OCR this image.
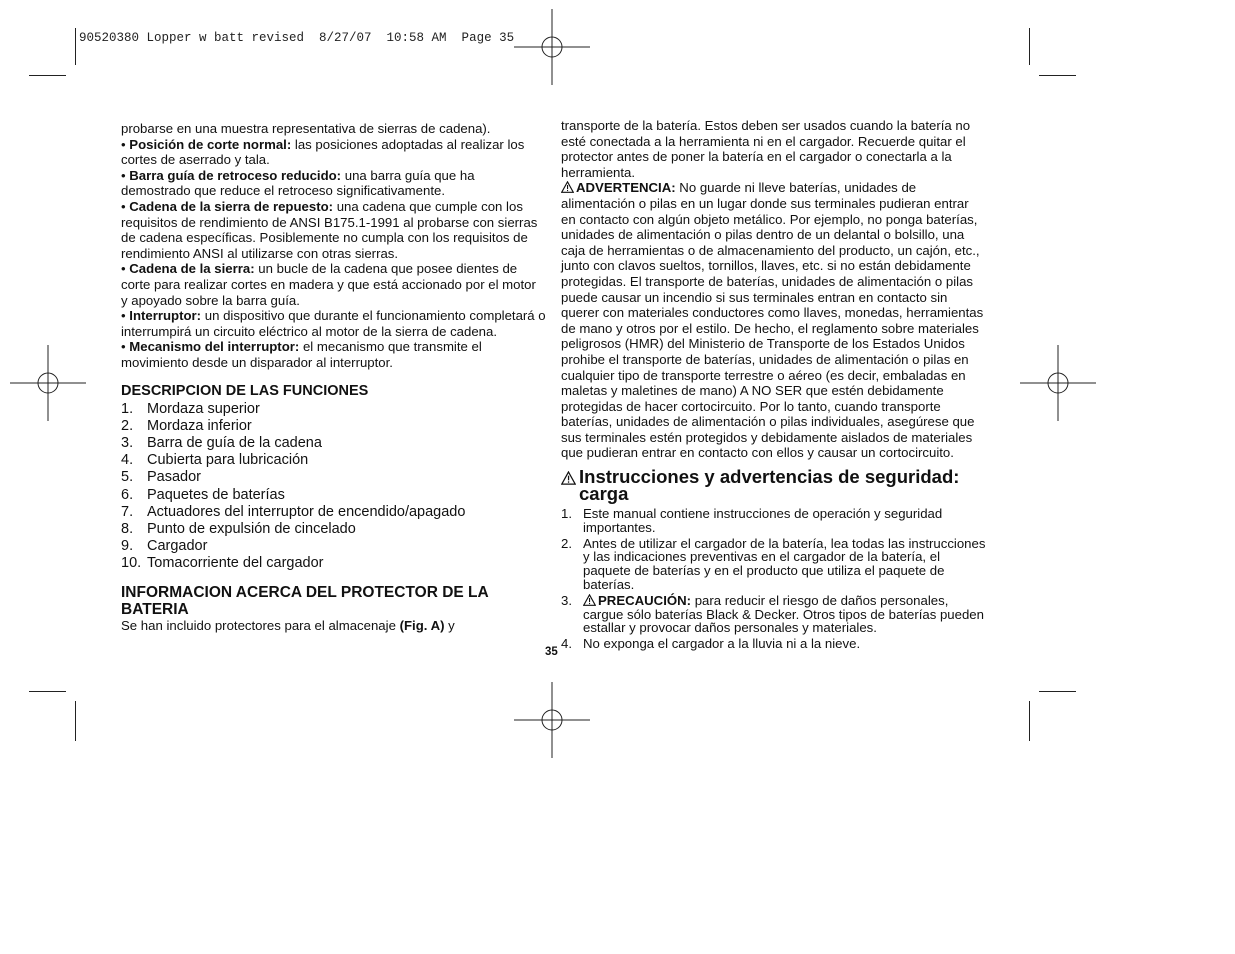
90520380 Lopper w batt revised  8/27/07  10:58 AM  Page 35

probarse en una muestra representativa de sierras de cadena).

• Posición de corte normal: las posiciones adoptadas al realizar los cortes de aserrado y tala.

• Barra guía de retroceso reducido: una barra guía que ha demostrado que reduce el retroceso significativamente.

• Cadena de la sierra de repuesto: una cadena que cumple con los requisitos de rendimiento de ANSI B175.1-1991 al probarse con sierras de cadena específicas. Posiblemente no cumpla con los requisitos de rendimiento ANSI al utilizarse con otras sierras.

• Cadena de la sierra: un bucle de la cadena que posee dientes de corte para realizar cortes en madera y que está accionado por el motor y apoyado sobre la barra guía.

• Interruptor: un dispositivo que durante el funcionamiento completará o interrumpirá un circuito eléctrico al motor de la sierra de cadena.

• Mecanismo del interruptor: el mecanismo que transmite el movimiento desde un disparador al interruptor.

DESCRIPCION DE LAS FUNCIONES
1. Mordaza superior
2. Mordaza inferior
3. Barra de guía de la cadena
4. Cubierta para lubricación
5. Pasador
6. Paquetes de baterías
7. Actuadores del interruptor de encendido/apagado
8. Punto de expulsión de cincelado
9. Cargador
10. Tomacorriente del cargador
INFORMACION ACERCA DEL PROTECTOR DE LA BATERIA

Se han incluido protectores para el almacenaje (Fig. A) y

transporte de la batería. Estos deben ser usados cuando la batería no esté conectada a la herramienta ni en el cargador. Recuerde quitar el protector antes de poner la batería en el cargador o conectarla a la herramienta.

ADVERTENCIA: No guarde ni lleve baterías, unidades de alimentación o pilas en un lugar donde sus terminales pudieran entrar en contacto con algún objeto metálico. Por ejemplo, no ponga baterías, unidades de alimentación o pilas dentro de un delantal o bolsillo, una caja de herramientas o de almacenamiento del producto, un cajón, etc., junto con clavos sueltos, tornillos, llaves, etc. si no están debidamente protegidas. El transporte de baterías, unidades de alimentación o pilas puede causar un incendio si sus terminales entran en contacto sin querer con materiales conductores como llaves, monedas, herramientas de mano y otros por el estilo. De hecho, el reglamento sobre materiales peligrosos (HMR) del Ministerio de Transporte de los Estados Unidos prohibe el transporte de baterías, unidades de alimentación o pilas en cualquier tipo de transporte terrestre o aéreo (es decir, embaladas en maletas y maletines de mano) A NO SER que estén debidamente protegidas de hacer cortocircuito. Por lo tanto, cuando transporte baterías, unidades de alimentación o pilas individuales, asegúrese que sus terminales estén protegidos y debidamente aislados de materiales que pudieran entrar en contacto con ellos y causar un cortocircuito.

Instrucciones y advertencias de seguridad: carga
1. Este manual contiene instrucciones de operación y seguridad importantes.
2. Antes de utilizar el cargador de la batería, lea todas las instrucciones y las indicaciones preventivas en el cargador de la batería, el paquete de baterías y en el producto que utiliza el paquete de baterías.
3.	PRECAUCIÓN: para reducir el riesgo de daños personales, cargue sólo baterías Black & Decker. Otros tipos de baterías pueden estallar y provocar daños personales y materiales.
4. No exponga el cargador a la lluvia ni a la nieve.
35
